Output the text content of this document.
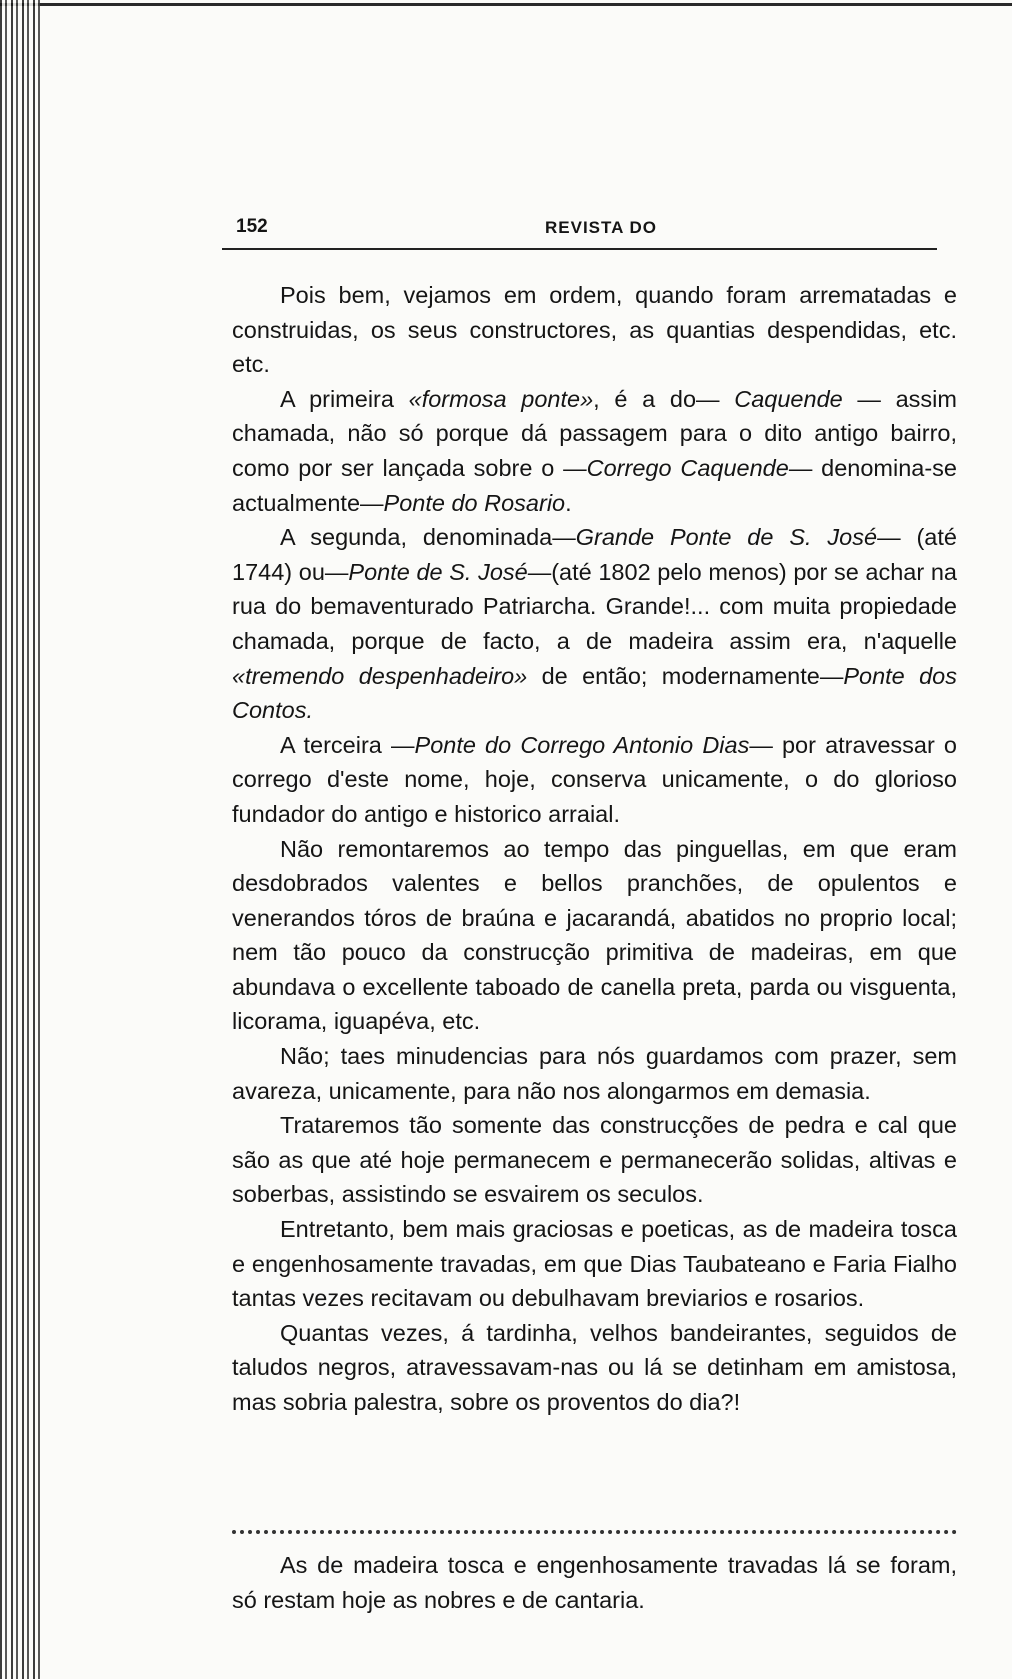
152	REVISTA DO

Pois bem, vejamos em ordem, quando foram arrematadas e construidas, os seus constructores, as quantias despendidas, etc. etc.

A primeira «formosa ponte», é a do— Caquende — assim chamada, não só porque dá passagem para o dito antigo bairro, como por ser lançada sobre o —Corrego Caquende— denomina-se actualmente—Ponte do Rosario.

A segunda, denominada—Grande Ponte de S. José— (até 1744) ou—Ponte de S. José—(até 1802 pelo menos) por se achar na rua do bemaventurado Patriarcha. Grande!... com muita propiedade chamada, porque de facto, a de madeira assim era, n'aquelle «tremendo despenhadeiro» de então; modernamente—Ponte dos Contos.

A terceira —Ponte do Corrego Antonio Dias— por atravessar o corrego d'este nome, hoje, conserva unicamente, o do glorioso fundador do antigo e historico arraial.

Não remontaremos ao tempo das pinguellas, em que eram desdobrados valentes e bellos pranchões, de opulentos e venerandos tóros de braúna e jacarandá, abatidos no proprio local; nem tão pouco da construcção primitiva de madeiras, em que abundava o excellente taboado de canella preta, parda ou visguenta, licorama, iguapéva, etc.

Não; taes minudencias para nós guardamos com prazer, sem avareza, unicamente, para não nos alongarmos em demasia.

Trataremos tão somente das construcções de pedra e cal que são as que até hoje permanecem e permanecerão solidas, altivas e soberbas, assistindo se esvairem os seculos.

Entretanto, bem mais graciosas e poeticas, as de madeira tosca e engenhosamente travadas, em que Dias Taubateano e Faria Fialho tantas vezes recitavam ou debulhavam breviarios e rosarios.

Quantas vezes, á tardinha, velhos bandeirantes, seguidos de taludos negros, atravessavam-nas ou lá se detinham em amistosa, mas sobria palestra, sobre os proventos do dia?!

As de madeira tosca e engenhosamente travadas lá se foram, só restam hoje as nobres e de cantaria.
